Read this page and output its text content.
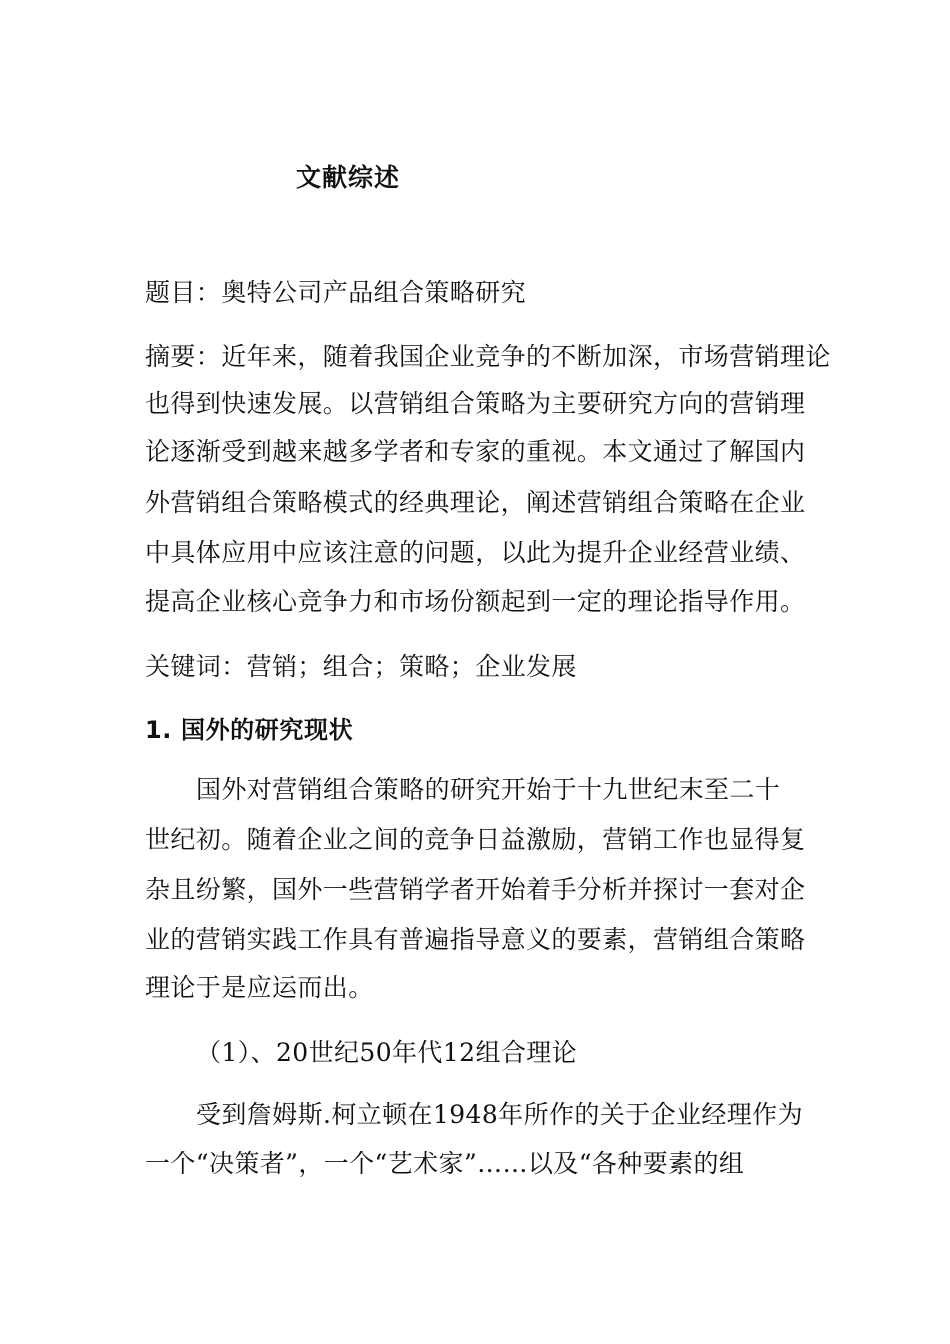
文献综述
题目：奥特公司产品组合策略研究
摘要：近年来，随着我国企业竞争的不断加深，市场营销理论
也得到快速发展。以营销组合策略为主要研究方向的营销理
论逐渐受到越来越多学者和专家的重视。本文通过了解国内
外营销组合策略模式的经典理论，阐述营销组合策略在企业
中具体应用中应该注意的问题，以此为提升企业经营业绩、
提高企业核心竞争力和市场份额起到一定的理论指导作用。
关键词：营销；组合；策略；企业发展
1. 国外的研究现状
国外对营销组合策略的研究开始于十九世纪末至二十
世纪初。随着企业之间的竞争日益激励，营销工作也显得复
杂且纷繁，国外一些营销学者开始着手分析并探讨一套对企
业的营销实践工作具有普遍指导意义的要素，营销组合策略
理论于是应运而出。
（1）、20世纪50年代12组合理论
受到詹姆斯.柯立顿在1948年所作的关于企业经理作为
一个“决策者”，一个“艺术家”……以及“各种要素的组
